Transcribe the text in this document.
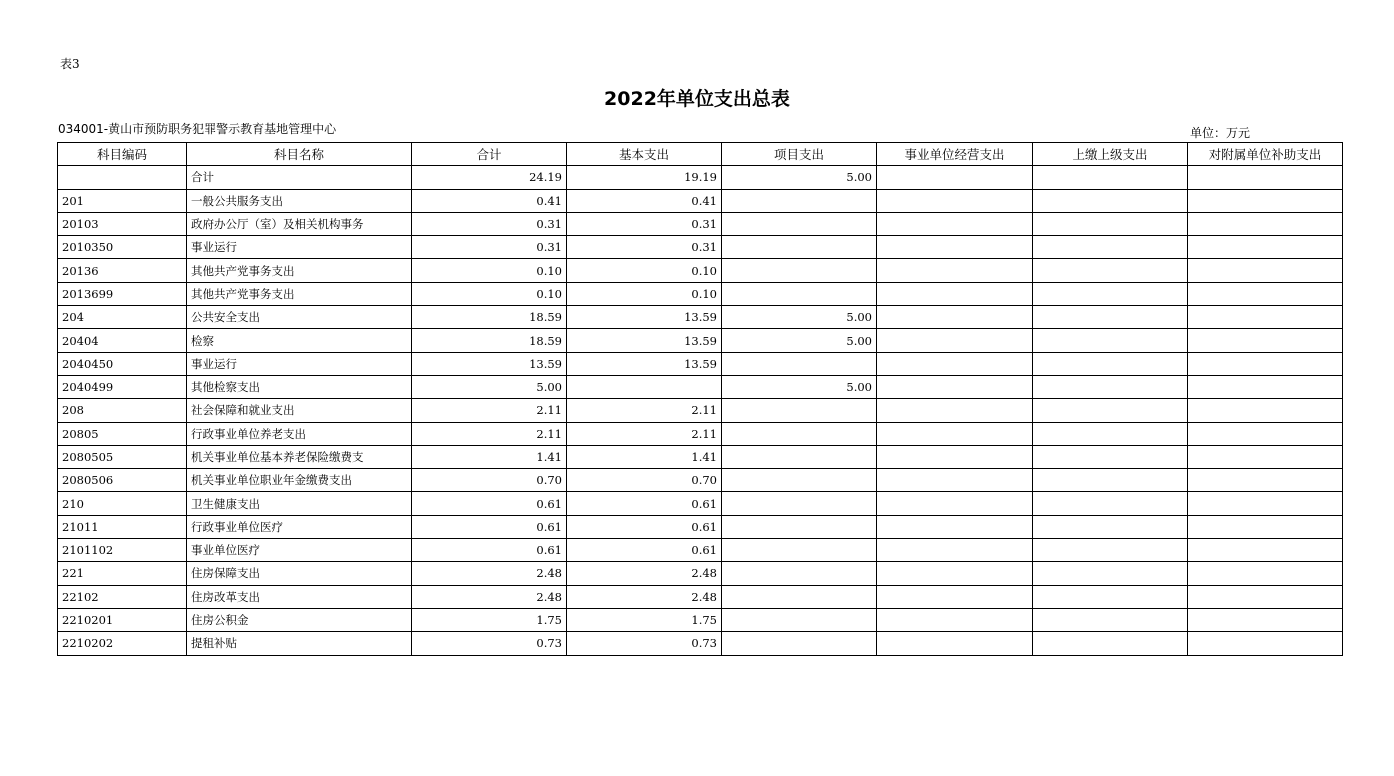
表3
2022年单位支出总表
034001-黄山市预防职务犯罪警示教育基地管理中心	单位：万元
科目编码	科目名称	合计	基本支出	项目支出	事业单位经营支出	上缴上级支出	对附属单位补助支出
	合计	24.19	19.19	5.00			
201	一般公共服务支出	0.41	0.41				
20103	政府办公厅（室）及相关机构事务	0.31	0.31				
2010350	事业运行	0.31	0.31				
20136	其他共产党事务支出	0.10	0.10				
2013699	其他共产党事务支出	0.10	0.10				
204	公共安全支出	18.59	13.59	5.00			
20404	检察	18.59	13.59	5.00			
2040450	事业运行	13.59	13.59				
2040499	其他检察支出	5.00		5.00			
208	社会保障和就业支出	2.11	2.11				
20805	行政事业单位养老支出	2.11	2.11				
2080505	机关事业单位基本养老保险缴费支	1.41	1.41				
2080506	机关事业单位职业年金缴费支出	0.70	0.70				
210	卫生健康支出	0.61	0.61				
21011	行政事业单位医疗	0.61	0.61				
2101102	事业单位医疗	0.61	0.61				
221	住房保障支出	2.48	2.48				
22102	住房改革支出	2.48	2.48				
2210201	住房公积金	1.75	1.75				
2210202	提租补贴	0.73	0.73				
